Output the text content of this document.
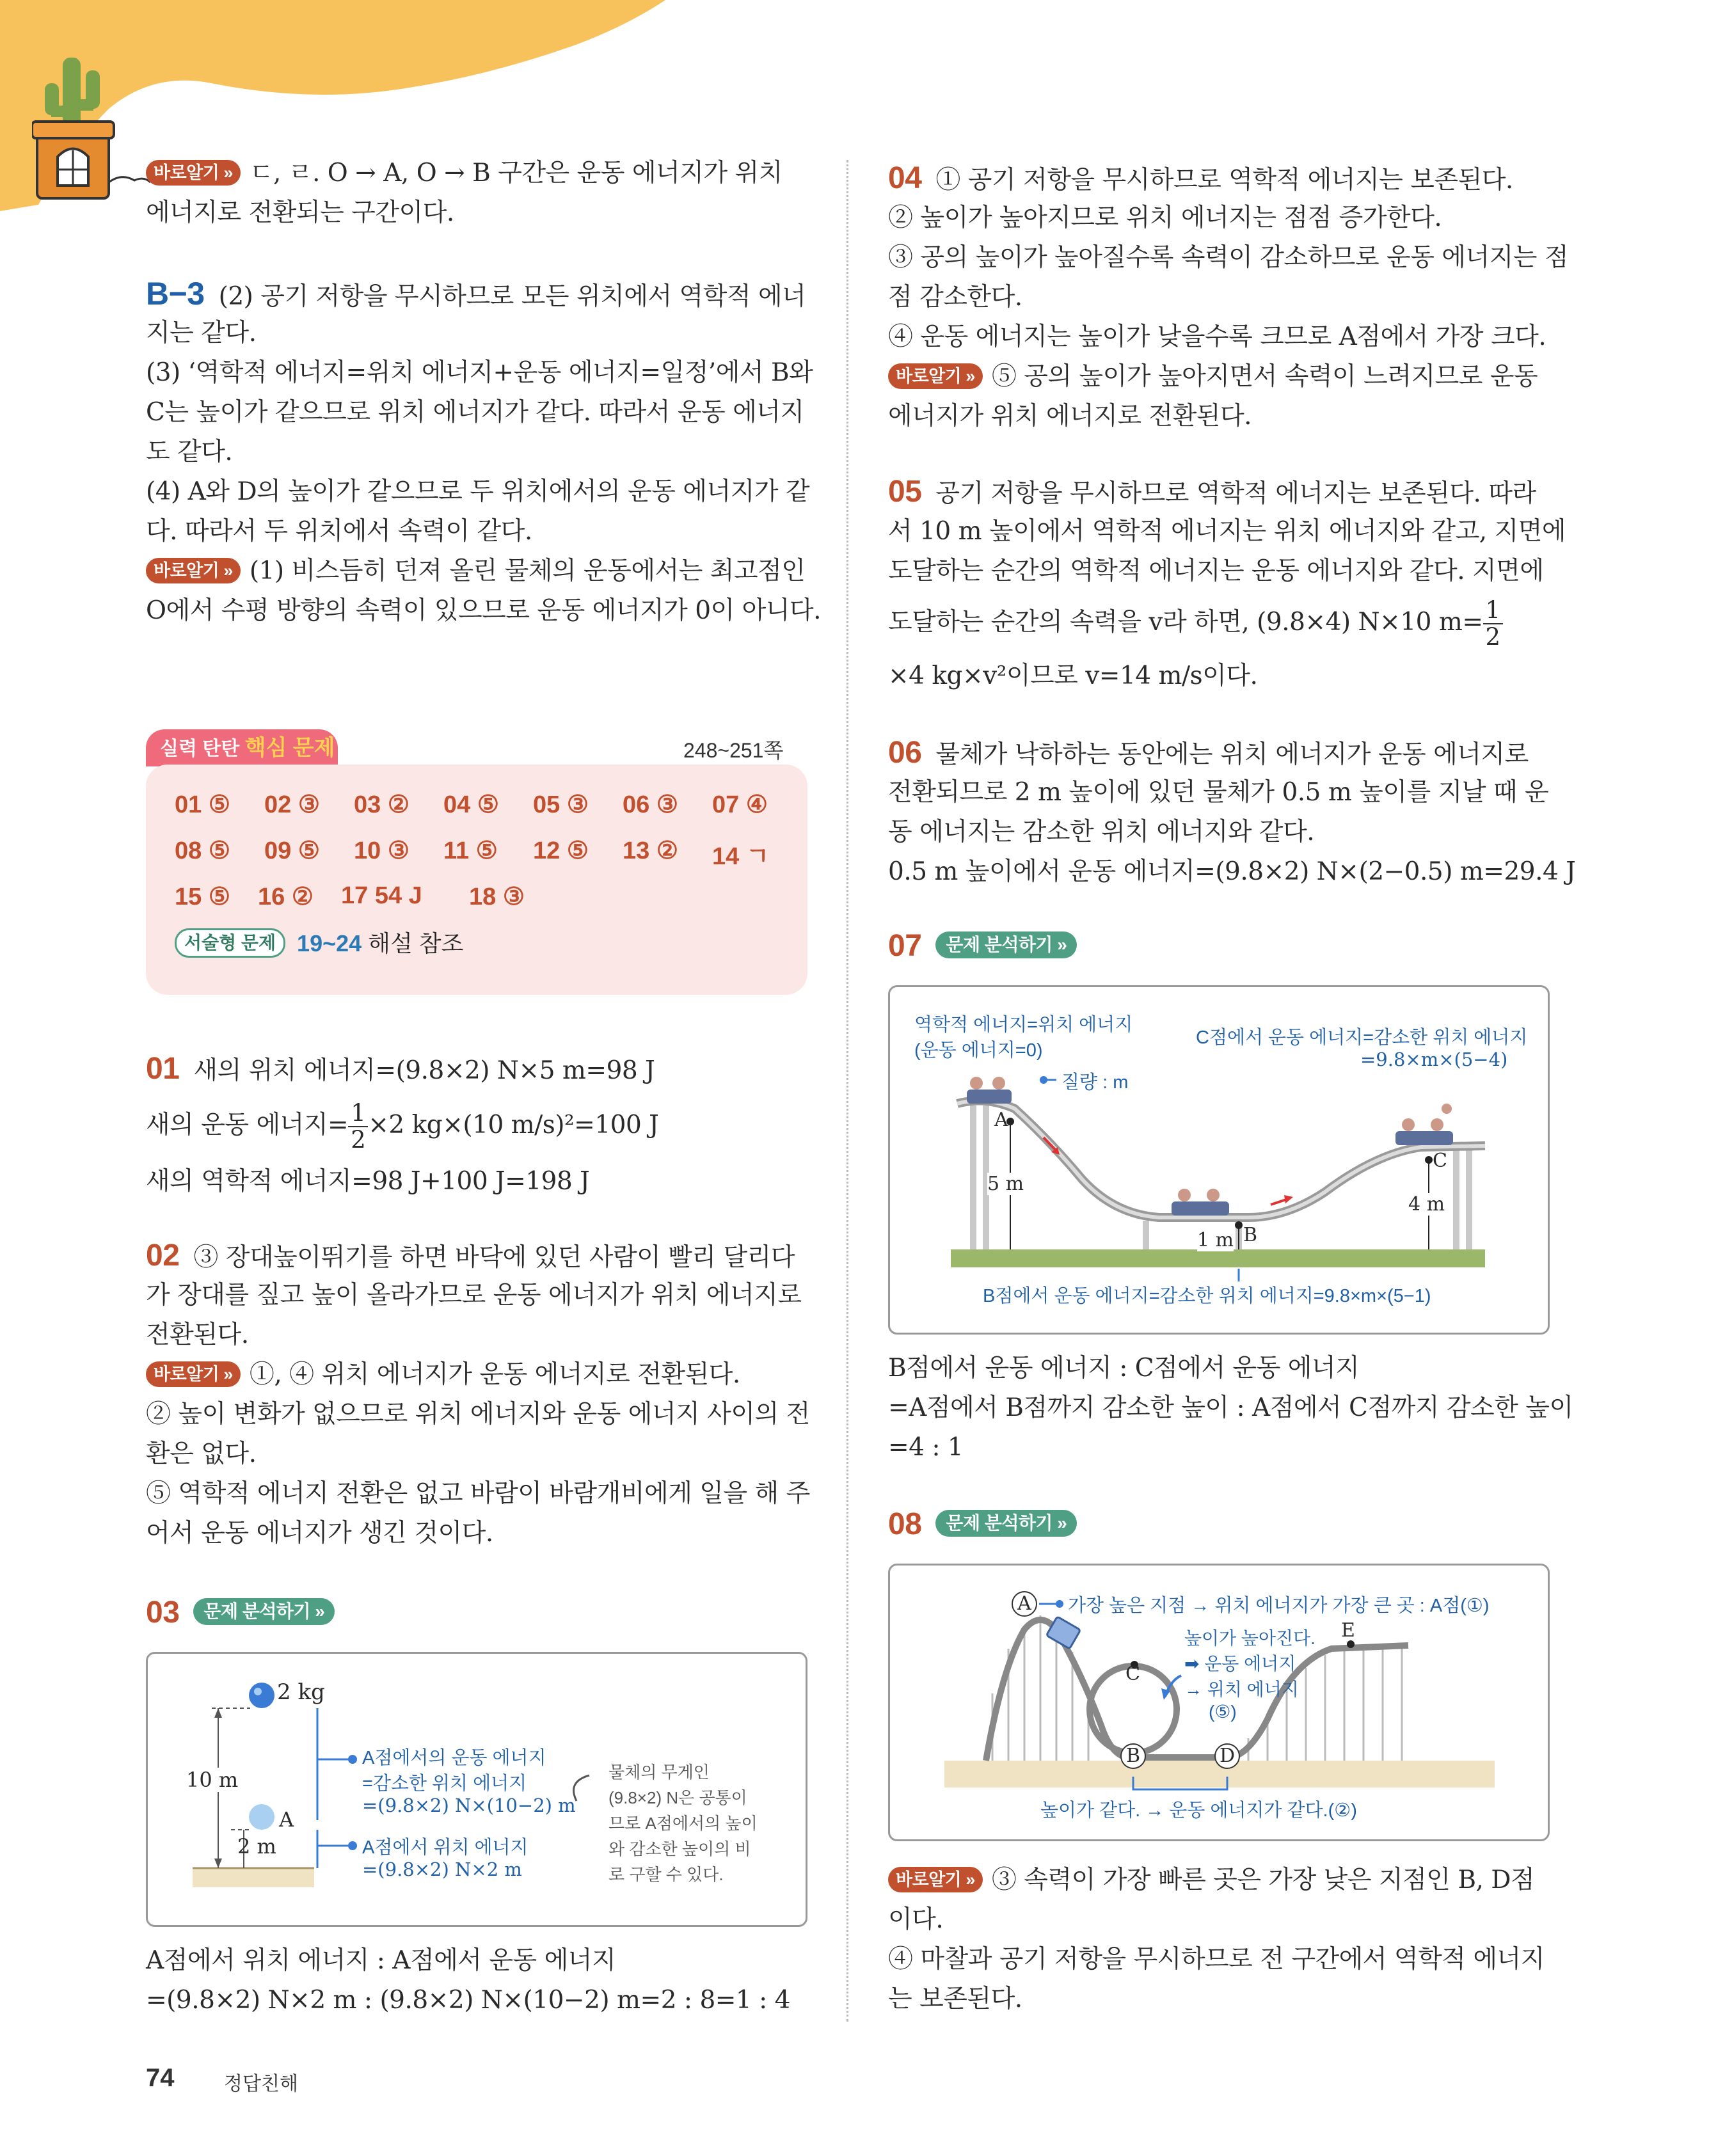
바로알기 » ㄷ, ㄹ. O → A, O → B 구간은 운동 에너지가 위치
에너지로 전환되는 구간이다.
B−3 (2) 공기 저항을 무시하므로 모든 위치에서 역학적 에너
지는 같다.
(3) ‘역학적 에너지=위치 에너지+운동 에너지=일정’에서 B와
C는 높이가 같으므로 위치 에너지가 같다. 따라서 운동 에너지
도 같다.
(4) A와 D의 높이가 같으므로 두 위치에서의 운동 에너지가 같
다. 따라서 두 위치에서 속력이 같다.
바로알기 » (1) 비스듬히 던져 올린 물체의 운동에서는 최고점인
O에서 수평 방향의 속력이 있으므로 운동 에너지가 0이 아니다.
실력 탄탄 핵심 문제	248~251쪽
01 ⑤ 02 ③ 03 ② 04 ⑤ 05 ③ 06 ③ 07 ④
08 ⑤ 09 ⑤ 10 ③ 11 ⑤ 12 ⑤ 13 ② 14 ㄱ
15 ⑤ 16 ② 17 54 J 18 ③
서술형 문제 19~24 해설 참조
01 새의 위치 에너지=(9.8×2) N×5 m=98 J
새의 운동 에너지= $\frac{1}{2} \times 2$ kg×(10 m/s)²=100 J
새의 역학적 에너지=98 J+100 J=198 J
02 ③ 장대높이뛰기를 하면 바닥에 있던 사람이 빨리 달리다
가 장대를 짚고 높이 올라가므로 운동 에너지가 위치 에너지로
전환된다.
바로알기 » ①, ④ 위치 에너지가 운동 에너지로 전환된다.
② 높이 변화가 없으므로 위치 에너지와 운동 에너지 사이의 전
환은 없다.
⑤ 역학적 에너지 전환은 없고 바람이 바람개비에게 일을 해 주
어서 운동 에너지가 생긴 것이다.
03 문제 분석하기 »
2 kg
10 m
2 m
A
A점에서의 운동 에너지
=감소한 위치 에너지
=(9.8×2) N×(10−2) m
A점에서 위치 에너지
=(9.8×2) N×2 m
물체의 무게인
(9.8×2) N은 공통이
므로 A점에서의 높이
와 감소한 높이의 비
로 구할 수 있다.
A점에서 위치 에너지 : A점에서 운동 에너지
=(9.8×2) N×2 m : (9.8×2) N×(10−2) m=2 : 8=1 : 4
74	정답친해
04 ① 공기 저항을 무시하므로 역학적 에너지는 보존된다.
② 높이가 높아지므로 위치 에너지는 점점 증가한다.
③ 공의 높이가 높아질수록 속력이 감소하므로 운동 에너지는 점
점 감소한다.
④ 운동 에너지는 높이가 낮을수록 크므로 A점에서 가장 크다.
바로알기 » ⑤ 공의 높이가 높아지면서 속력이 느려지므로 운동
에너지가 위치 에너지로 전환된다.
05 공기 저항을 무시하므로 역학적 에너지는 보존된다. 따라
서 10 m 높이에서 역학적 에너지는 위치 에너지와 같고, 지면에
도달하는 순간의 역학적 에너지는 운동 에너지와 같다. 지면에
도달하는 순간의 속력을 v라 하면, (9.8×4) N×10 $m= \frac{1}{2}$
×4 kg×v²이므로 v=14 m/s이다.
06 물체가 낙하하는 동안에는 위치 에너지가 운동 에너지로
전환되므로 2 m 높이에 있던 물체가 0.5 m 높이를 지날 때 운
동 에너지는 감소한 위치 에너지와 같다.
0.5 m 높이에서 운동 에너지=(9.8×2) N×(2−0.5) m=29.4 J
07 문제 분석하기 »
역학적 에너지=위치 에너지
(운동 에너지=0)
질량 : m
C점에서 운동 에너지=감소한 위치 에너지
=9.8×m×(5−4)
A
B
C
5 m
4 m
1 m
B점에서 운동 에너지=감소한 위치 에너지=9.8×m×(5−1)
B점에서 운동 에너지 : C점에서 운동 에너지
=A점에서 B점까지 감소한 높이 : A점에서 C점까지 감소한 높이
=4 : 1
08 문제 분석하기 »
A
C
B	D
E
가장 높은 지점 → 위치 에너지가 가장 큰 곳 : A점(①)
높이가 높아진다.
➡ 운동 에너지
→ 위치 에너지
(⑤)
높이가 같다. → 운동 에너지가 같다.(②)
바로알기 » ③ 속력이 가장 빠른 곳은 가장 낮은 지점인 B, D점
이다.
④ 마찰과 공기 저항을 무시하므로 전 구간에서 역학적 에너지
는 보존된다.
